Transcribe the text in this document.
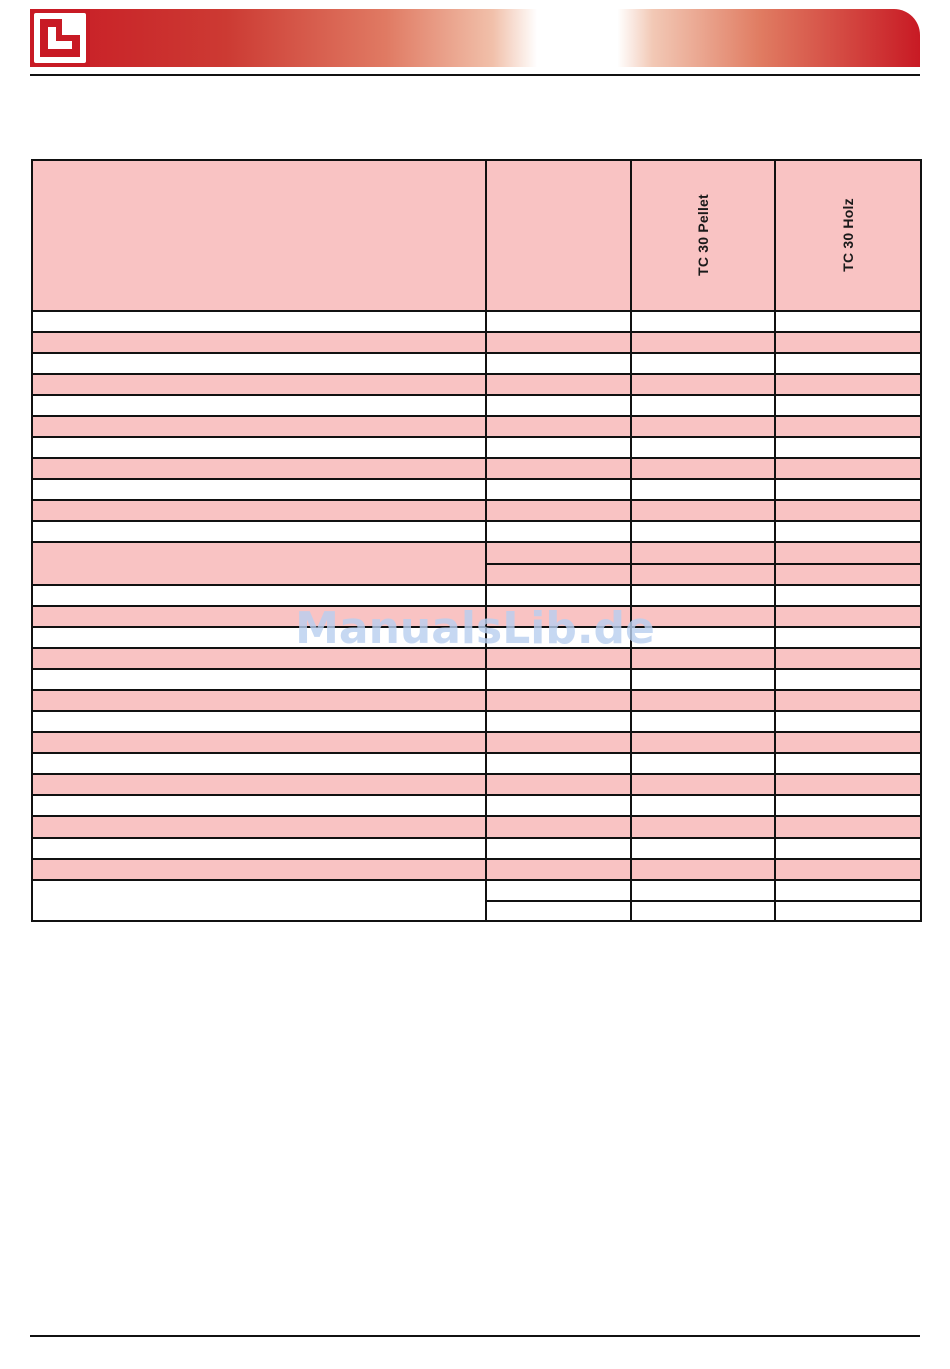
		TC 30 Pellet	TC 30 Holz

ManualsLib.de
